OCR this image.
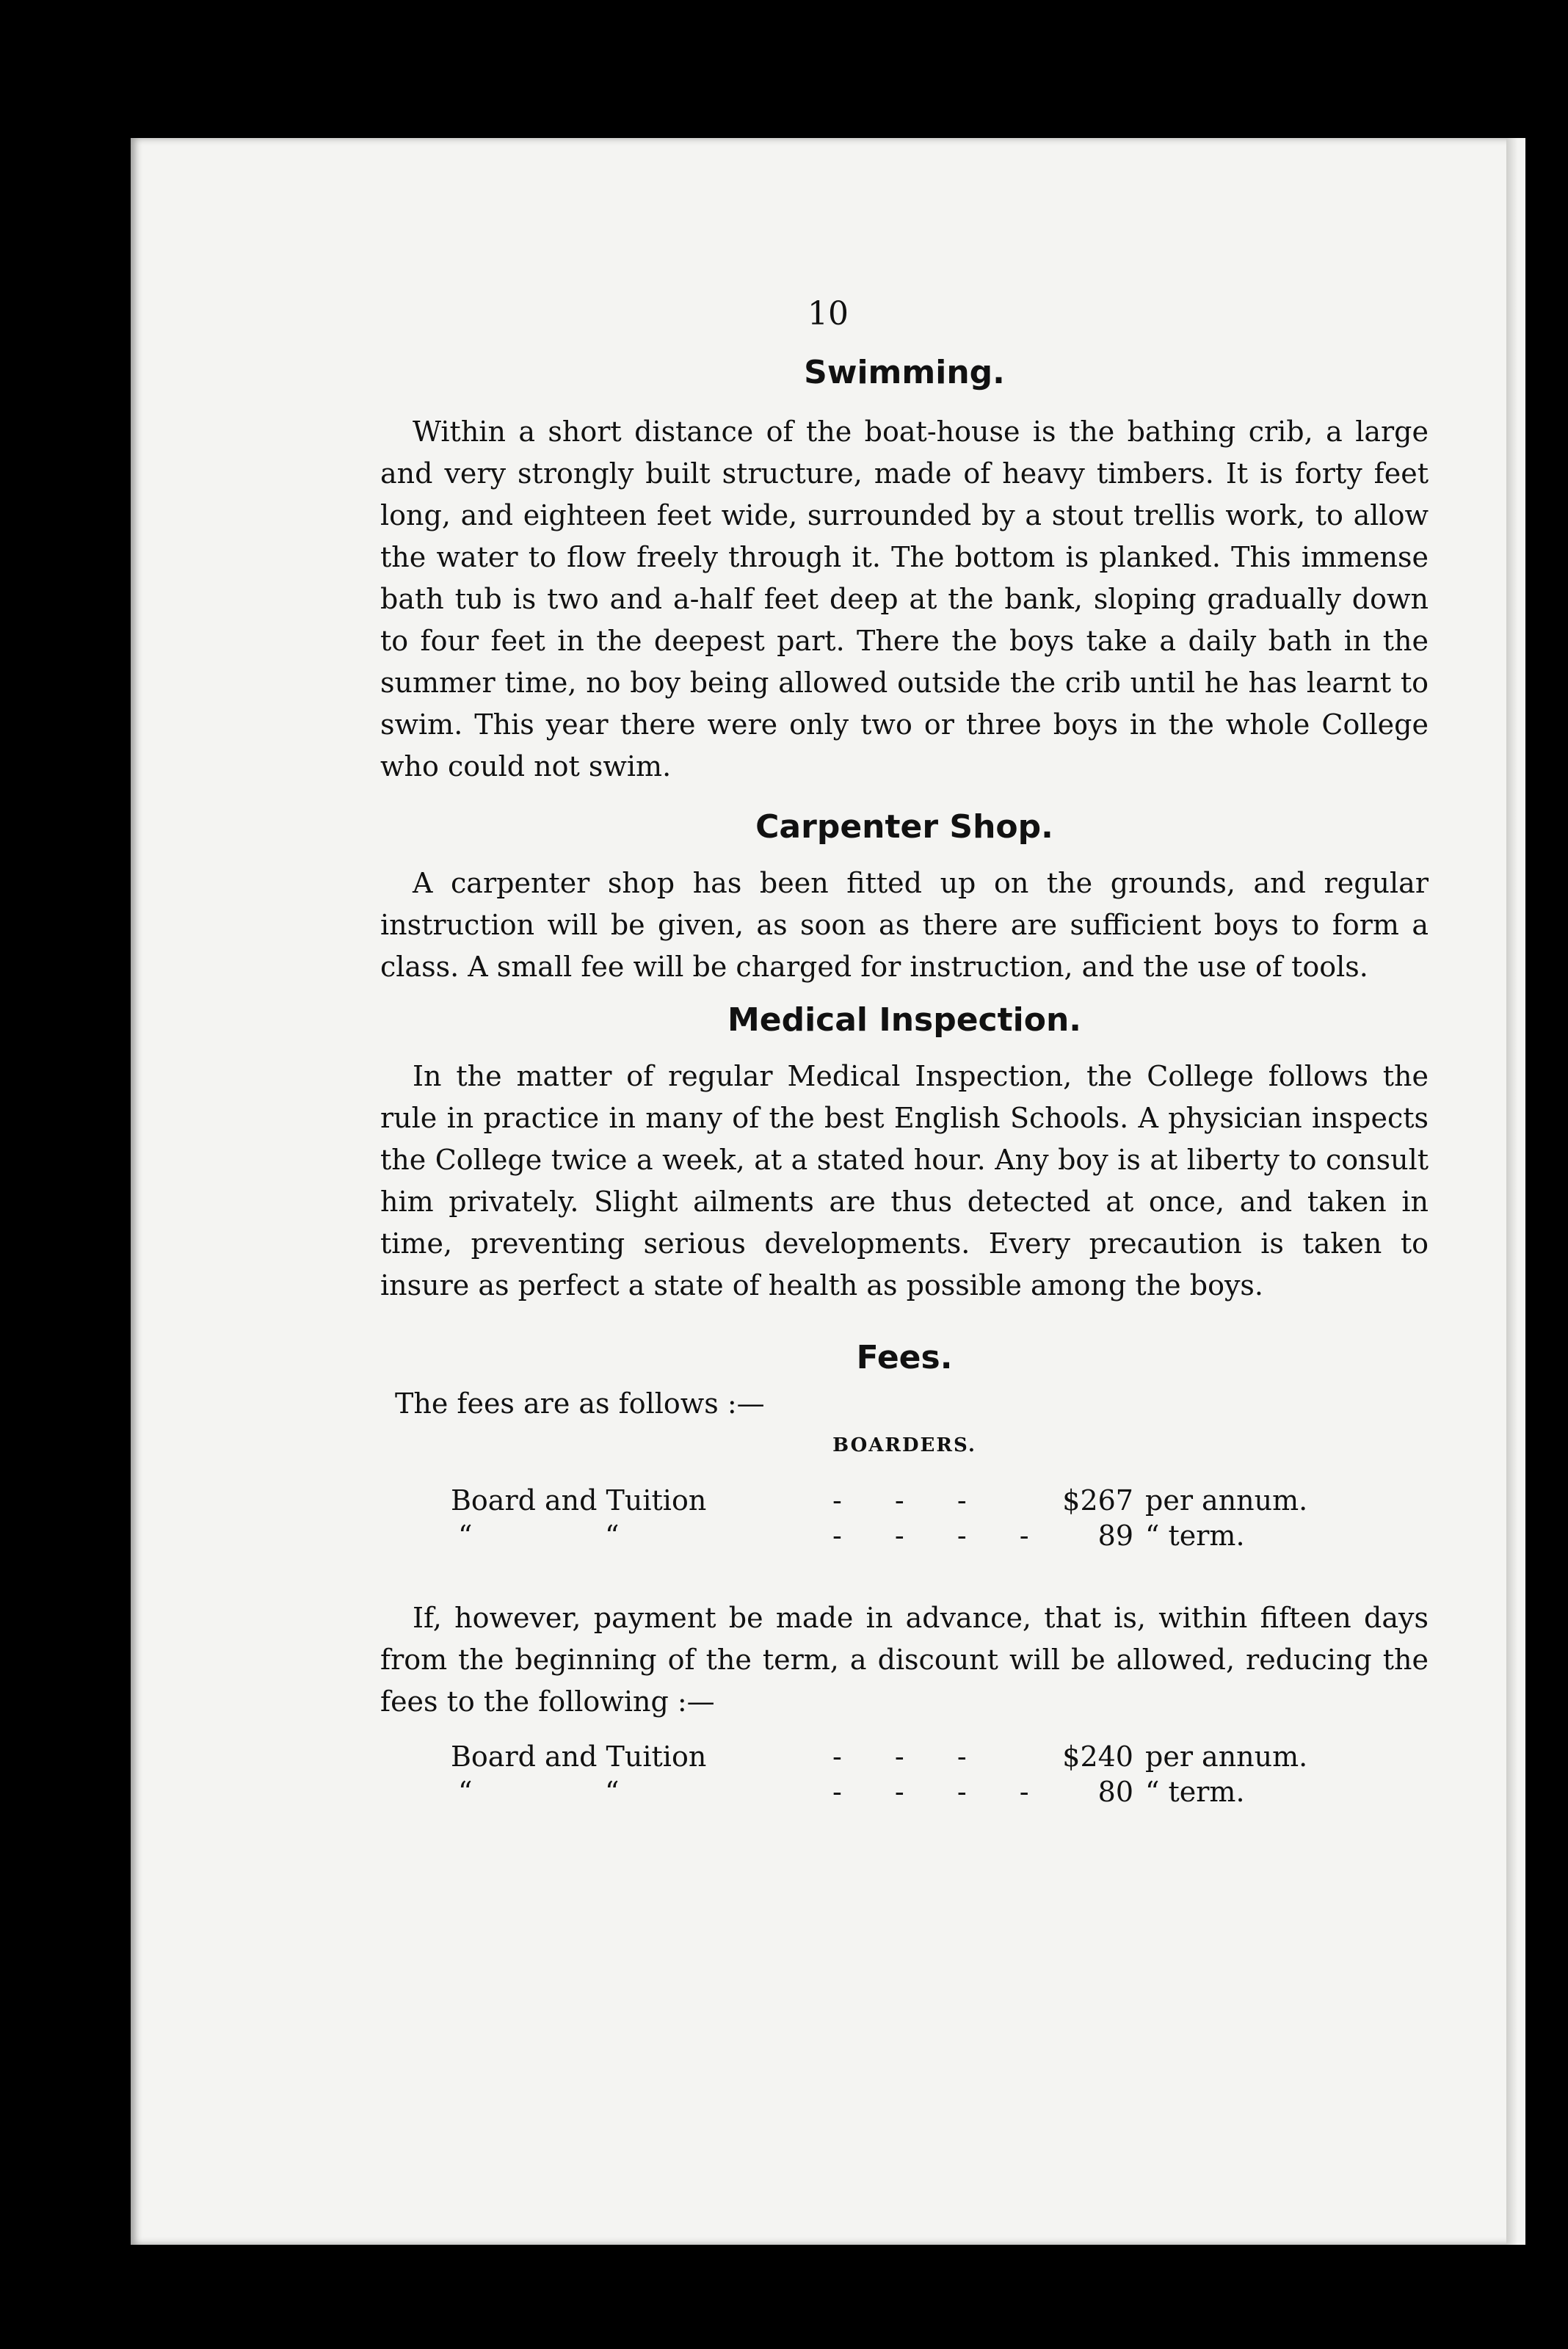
10
Swimming.

Within a short distance of the boat-house is the bathing crib, a large and very strongly built structure, made of heavy timbers. It is forty feet long, and eighteen feet wide, surrounded by a stout trellis work, to allow the water to flow freely through it. The bottom is planked. This immense bath tub is two and a-half feet deep at the bank, sloping gradually down to four feet in the deepest part. There the boys take a daily bath in the summer time, no boy being allowed outside the crib until he has learnt to swim. This year there were only two or three boys in the whole College who could not swim.

Carpenter Shop.

A carpenter shop has been fitted up on the grounds, and regular instruction will be given, as soon as there are sufficient boys to form a class. A small fee will be charged for instruction, and the use of tools.

Medical Inspection.

In the matter of regular Medical Inspection, the College follows the rule in practice in many of the best English Schools. A physician inspects the College twice a week, at a stated hour. Any boy is at liberty to consult him privately. Slight ailments are thus detected at once, and taken in time, preventing serious developments. Every precaution is taken to insure as perfect a state of health as possible among the boys.

Fees.
The fees are as follows :—
BOARDERS.
Board and Tuition	- - -	$267 per annum.
“	“	- - - -	89 “ term.

If, however, payment be made in advance, that is, within fifteen days from the beginning of the term, a discount will be allowed, reducing the fees to the following :—

Board and Tuition	- - -	$240 per annum.
“	“	- - - -	80 “ term.
